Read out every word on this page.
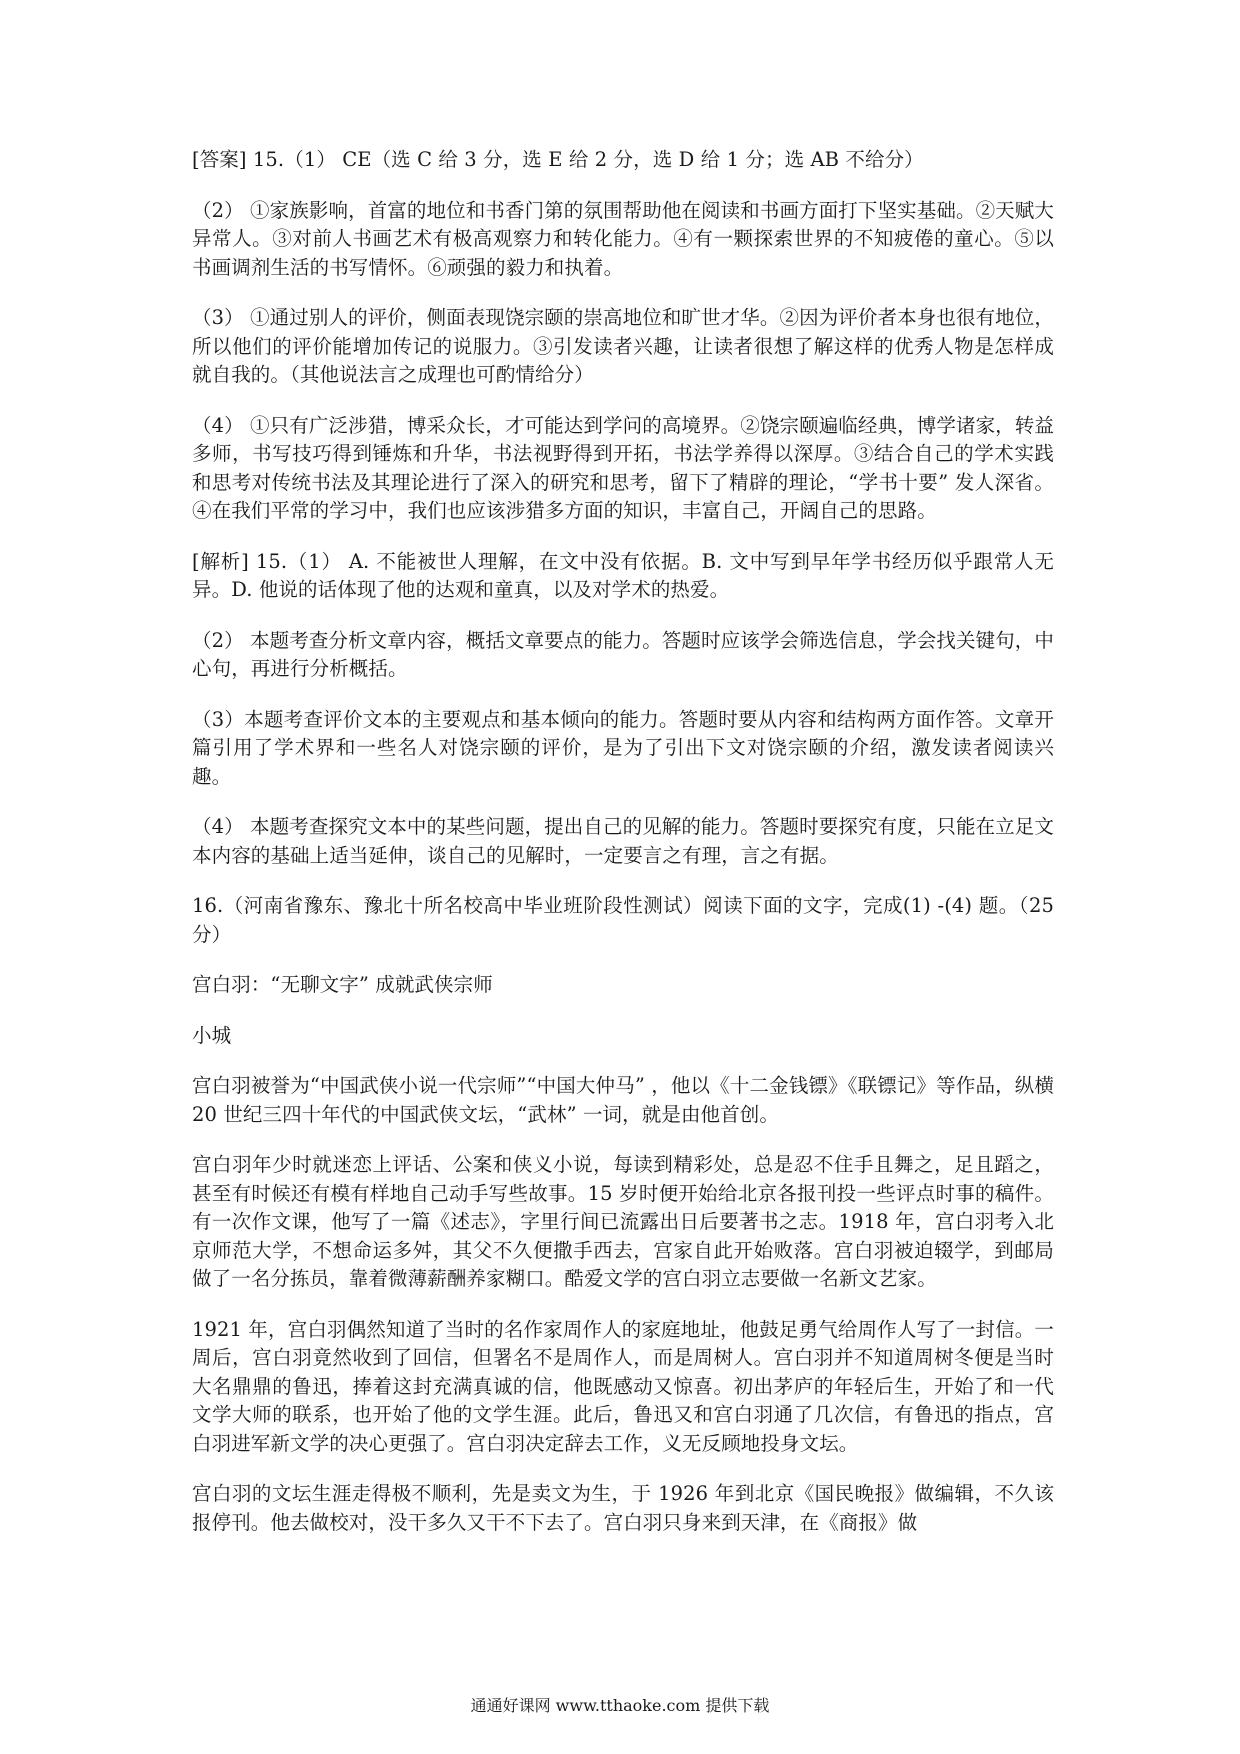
[答案] 15.（1） CE（选 C 给 3 分，选 E 给 2 分，选 D 给 1 分；选 AB 不给分）

（2） ①家族影响，首富的地位和书香门第的氛围帮助他在阅读和书画方面打下坚实基础。②天赋大异常人。③对前人书画艺术有极高观察力和转化能力。④有一颗探索世界的不知疲倦的童心。⑤以书画调剂生活的书写情怀。⑥顽强的毅力和执着。

（3） ①通过别人的评价，侧面表现饶宗颐的崇高地位和旷世才华。②因为评价者本身也很有地位，所以他们的评价能增加传记的说服力。③引发读者兴趣，让读者很想了解这样的优秀人物是怎样成就自我的。（其他说法言之成理也可酌情给分）

（4） ①只有广泛涉猎，博采众长，才可能达到学问的高境界。②饶宗颐遍临经典，博学诸家，转益多师，书写技巧得到锤炼和升华，书法视野得到开拓，书法学养得以深厚。③结合自己的学术实践和思考对传统书法及其理论进行了深入的研究和思考，留下了精辟的理论，“学书十要” 发人深省。④在我们平常的学习中，我们也应该涉猎多方面的知识，丰富自己，开阔自己的思路。

[解析] 15.（1） A. 不能被世人理解，在文中没有依据。B. 文中写到早年学书经历似乎跟常人无异。D. 他说的话体现了他的达观和童真，以及对学术的热爱。

（2） 本题考查分析文章内容，概括文章要点的能力。答题时应该学会筛选信息，学会找关键句，中心句，再进行分析概括。

（3）本题考查评价文本的主要观点和基本倾向的能力。答题时要从内容和结构两方面作答。文章开篇引用了学术界和一些名人对饶宗颐的评价，是为了引出下文对饶宗颐的介绍，激发读者阅读兴趣。

（4） 本题考查探究文本中的某些问题，提出自己的见解的能力。答题时要探究有度，只能在立足文本内容的基础上适当延伸，谈自己的见解时，一定要言之有理，言之有据。

16.（河南省豫东、豫北十所名校高中毕业班阶段性测试）阅读下面的文字，完成(1) -(4) 题。（25 分）

宫白羽：“无聊文字” 成就武侠宗师

小城

宫白羽被誉为“中国武侠小说一代宗师”“中国大仲马” ，他以《十二金钱镖》《联镖记》等作品，纵横 20 世纪三四十年代的中国武侠文坛，“武林” 一词，就是由他首创。

宫白羽年少时就迷恋上评话、公案和侠义小说，每读到精彩处，总是忍不住手且舞之，足且蹈之，甚至有时候还有模有样地自己动手写些故事。15 岁时便开始给北京各报刊投一些评点时事的稿件。有一次作文课，他写了一篇《述志》，字里行间已流露出日后要著书之志。1918 年，宫白羽考入北京师范大学，不想命运多舛，其父不久便撒手西去，宫家自此开始败落。宫白羽被迫辍学，到邮局做了一名分拣员，靠着微薄薪酬养家糊口。酷爱文学的宫白羽立志要做一名新文艺家。

1921 年，宫白羽偶然知道了当时的名作家周作人的家庭地址，他鼓足勇气给周作人写了一封信。一周后，宫白羽竟然收到了回信，但署名不是周作人，而是周树人。宫白羽并不知道周树冬便是当时大名鼎鼎的鲁迅，捧着这封充满真诚的信，他既感动又惊喜。初出茅庐的年轻后生，开始了和一代文学大师的联系，也开始了他的文学生涯。此后，鲁迅又和宫白羽通了几次信，有鲁迅的指点，宫白羽进军新文学的决心更强了。宫白羽决定辞去工作，义无反顾地投身文坛。

宫白羽的文坛生涯走得极不顺利，先是卖文为生，于 1926 年到北京《国民晚报》做编辑，不久该报停刊。他去做校对，没干多久又干不下去了。宫白羽只身来到天津，在《商报》做

通通好课网 www.tthaoke.com 提供下载
